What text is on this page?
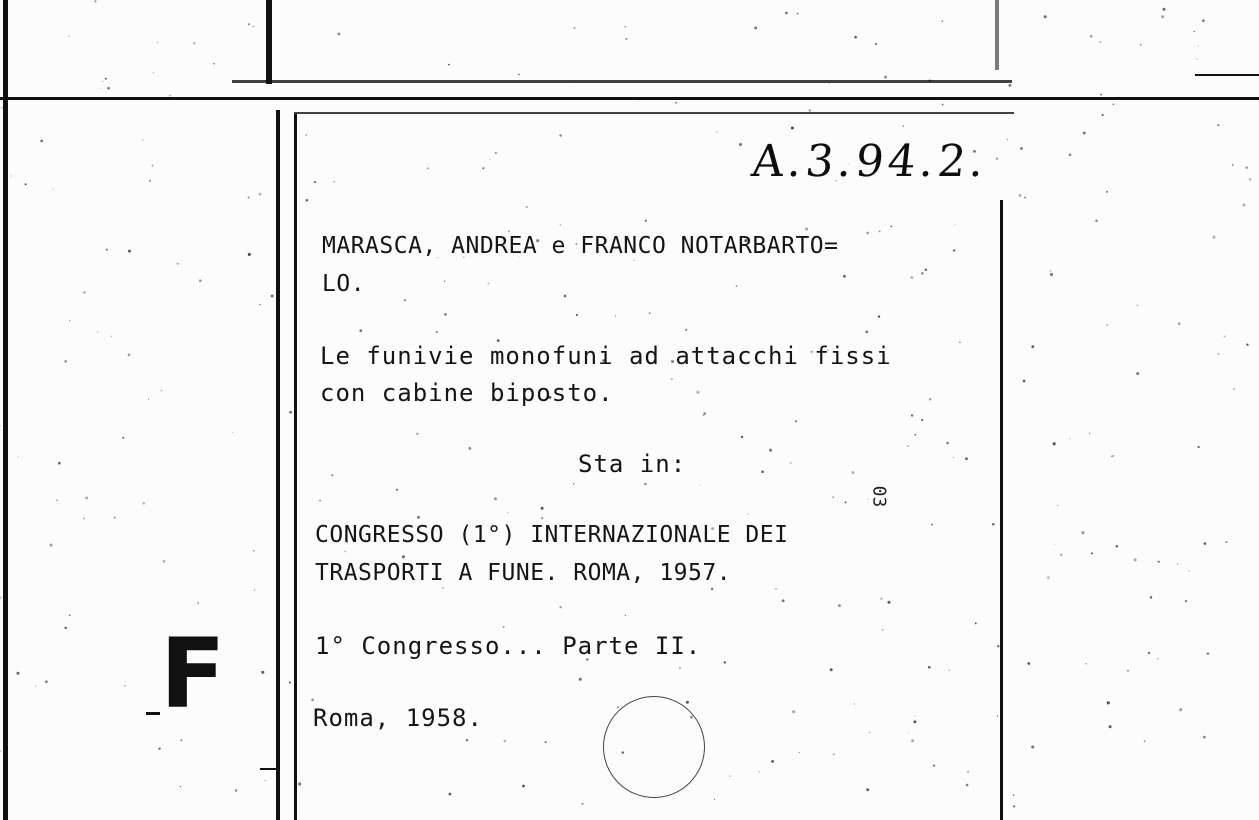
A.3.94.2.
MARASCA, ANDREA e FRANCO NOTARBARTO=
LO.
Le funivie monofuni ad attacchi fissi
con cabine biposto.
Sta in:
CONGRESSO (1°) INTERNAZIONALE DEI
TRASPORTI A FUNE. ROMA, 1957.
1° Congresso... Parte II.
Roma, 1958.
03
F
